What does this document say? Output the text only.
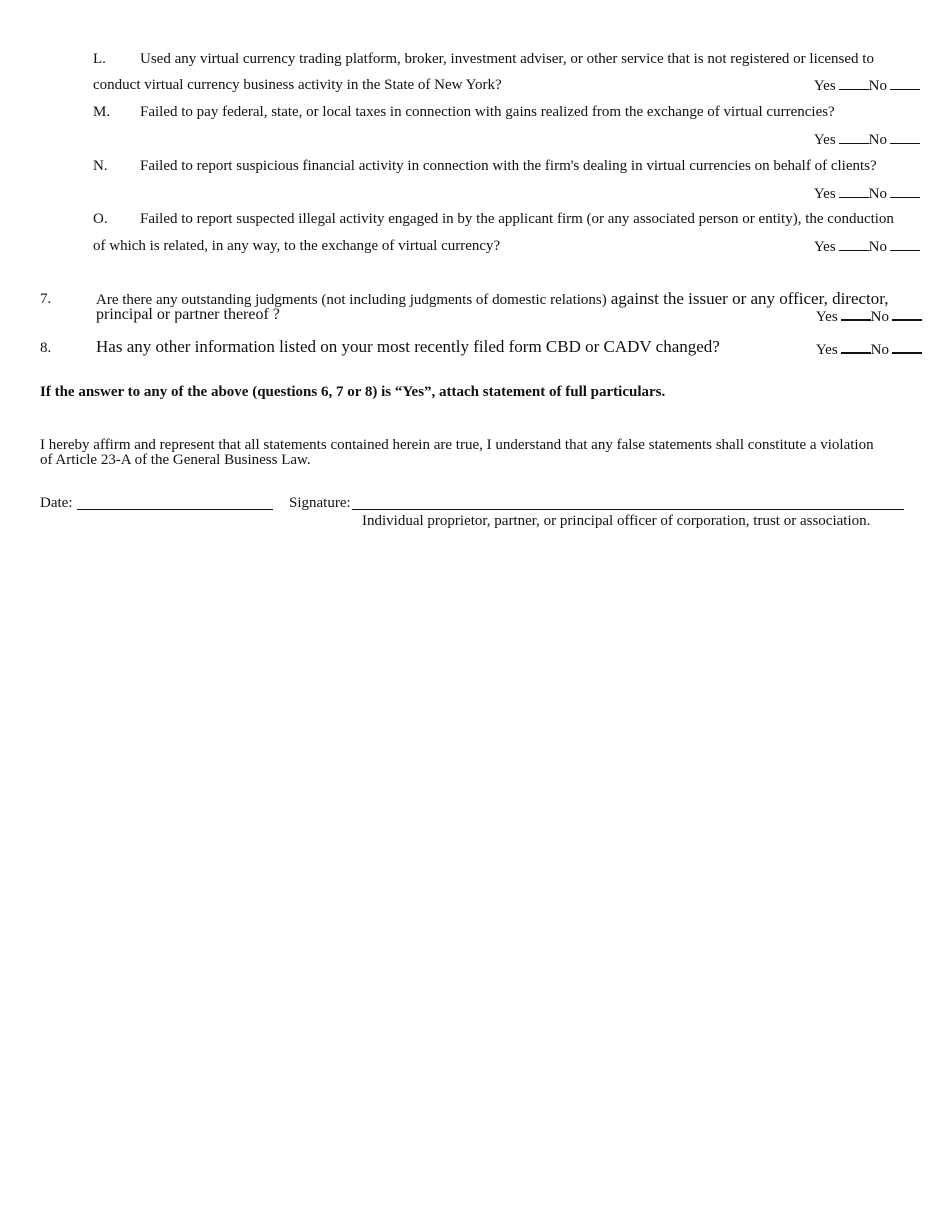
L. Used any virtual currency trading platform, broker, investment adviser, or other service that is not registered or licensed to
conduct virtual currency business activity in the State of New York?	Yes No
M. Failed to pay federal, state, or local taxes in connection with gains realized from the exchange of virtual currencies?
Yes No
N. Failed to report suspicious financial activity in connection with the firm's dealing in virtual currencies on behalf of clients?
Yes No
O. Failed to report suspected illegal activity engaged in by the applicant firm (or any associated person or entity), the conduction
of which is related, in any way, to the exchange of virtual currency?	Yes No
7.	Are there any outstanding judgments (not including judgments of domestic relations) against the issuer or any officer, director,
principal or partner thereof ?	Yes No
8.	Has any other information listed on your most recently filed form CBD or CADV changed?	Yes No
If the answer to any of the above (questions 6, 7 or 8) is “Yes”, attach statement of full particulars.
I hereby affirm and represent that all statements contained herein are true, I understand that any false statements shall constitute a violation
of Article 23-A of the General Business Law.
Date:	Signature:
Individual proprietor, partner, or principal officer of corporation, trust or association.
